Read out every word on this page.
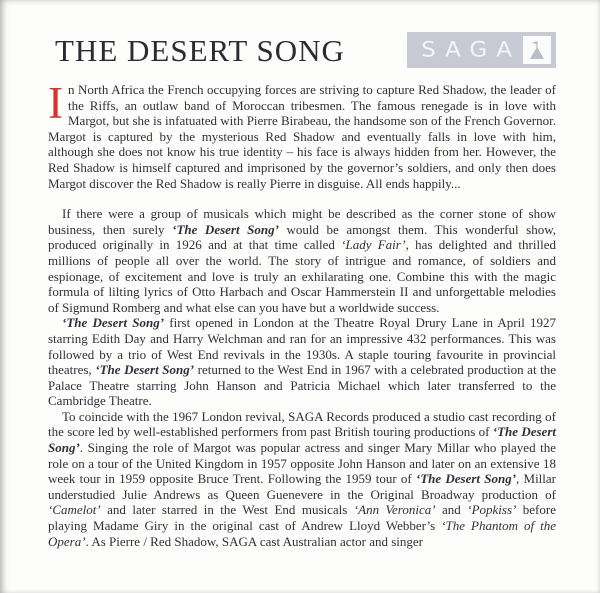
THE DESERT SONG	SAGA

In North Africa the French occupying forces are striving to capture Red Shadow, the leader of the Riffs, an outlaw band of Moroccan tribesmen. The famous renegade is in love with Margot, but she is infatuated with Pierre Birabeau, the handsome son of the French Governor. Margot is captured by the mysterious Red Shadow and eventually falls in love with him, although she does not know his true identity – his face is always hidden from her. However, the Red Shadow is himself captured and imprisoned by the governor’s soldiers, and only then does Margot discover the Red Shadow is really Pierre in disguise. All ends happily...

If there were a group of musicals which might be described as the corner stone of show business, then surely ‘The Desert Song’ would be amongst them. This wonderful show, produced originally in 1926 and at that time called ‘Lady Fair’, has delighted and thrilled millions of people all over the world. The story of intrigue and romance, of soldiers and espionage, of excitement and love is truly an exhilarating one. Combine this with the magic formula of lilting lyrics of Otto Harbach and Oscar Hammerstein II and unforgettable melodies of Sigmund Romberg and what else can you have but a worldwide success.

‘The Desert Song’ first opened in London at the Theatre Royal Drury Lane in April 1927 starring Edith Day and Harry Welchman and ran for an impressive 432 performances. This was followed by a trio of West End revivals in the 1930s. A staple touring favourite in provincial theatres, ‘The Desert Song’ returned to the West End in 1967 with a celebrated production at the Palace Theatre starring John Hanson and Patricia Michael which later transferred to the Cambridge Theatre.

To coincide with the 1967 London revival, SAGA Records produced a studio cast recording of the score led by well-established performers from past British touring productions of ‘The Desert Song’. Singing the role of Margot was popular actress and singer Mary Millar who played the role on a tour of the United Kingdom in 1957 opposite John Hanson and later on an extensive 18 week tour in 1959 opposite Bruce Trent. Following the 1959 tour of ‘The Desert Song’, Millar understudied Julie Andrews as Queen Guenevere in the Original Broadway production of ‘Camelot’ and later starred in the West End musicals ‘Ann Veronica’ and ‘Popkiss’ before playing Madame Giry in the original cast of Andrew Lloyd Webber’s ‘The Phantom of the Opera’. As Pierre / Red Shadow, SAGA cast Australian actor and singer
